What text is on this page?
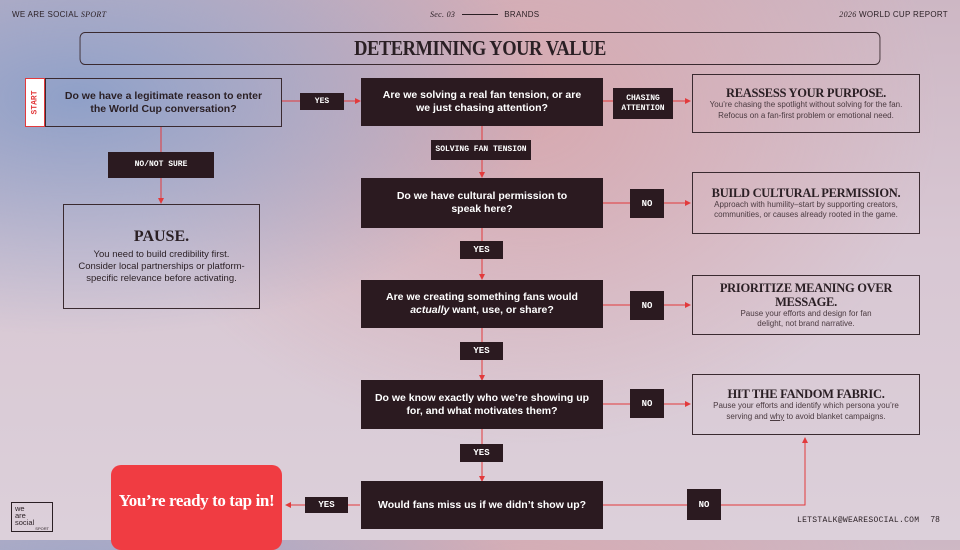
WE ARE SOCIAL SPORT	Sec. 03	BRANDS	2026 WORLD CUP REPORT
DETERMINING YOUR VALUE
START	Do we have a legitimate reason to enter the World Cup conversation?
YES
NO/NOT SURE
PAUSE.
You need to build credibility first. Consider local partnerships or platform-specific relevance before activating.
Are we solving a real fan tension, or are we just chasing attention?
CHASING ATTENTION
SOLVING FAN TENSION
REASSESS YOUR PURPOSE.
You’re chasing the spotlight without solving for the fan. Refocus on a fan-first problem or emotional need.
Do we have cultural permission to speak here?	NO
YES
BUILD CULTURAL PERMISSION.
Approach with humility–start by supporting creators, communities, or causes already rooted in the game.
Are we creating something fans would
actually want, use, or share?	NO
YES
PRIORITIZE MEANING OVER MESSAGE.
Pause your efforts and design for fan delight, not brand narrative.
Do we know exactly who we’re showing up for, and what motivates them?
NO
YES
HIT THE FANDOM FABRIC.
Pause your efforts and identify which persona you’re serving and why to avoid blanket campaigns.
Would fans miss us if we didn’t show up?	NO
YES
You’re ready to tap in!
we
are
social
SPORT
LETSTALK@WEARESOCIAL.COM 78
